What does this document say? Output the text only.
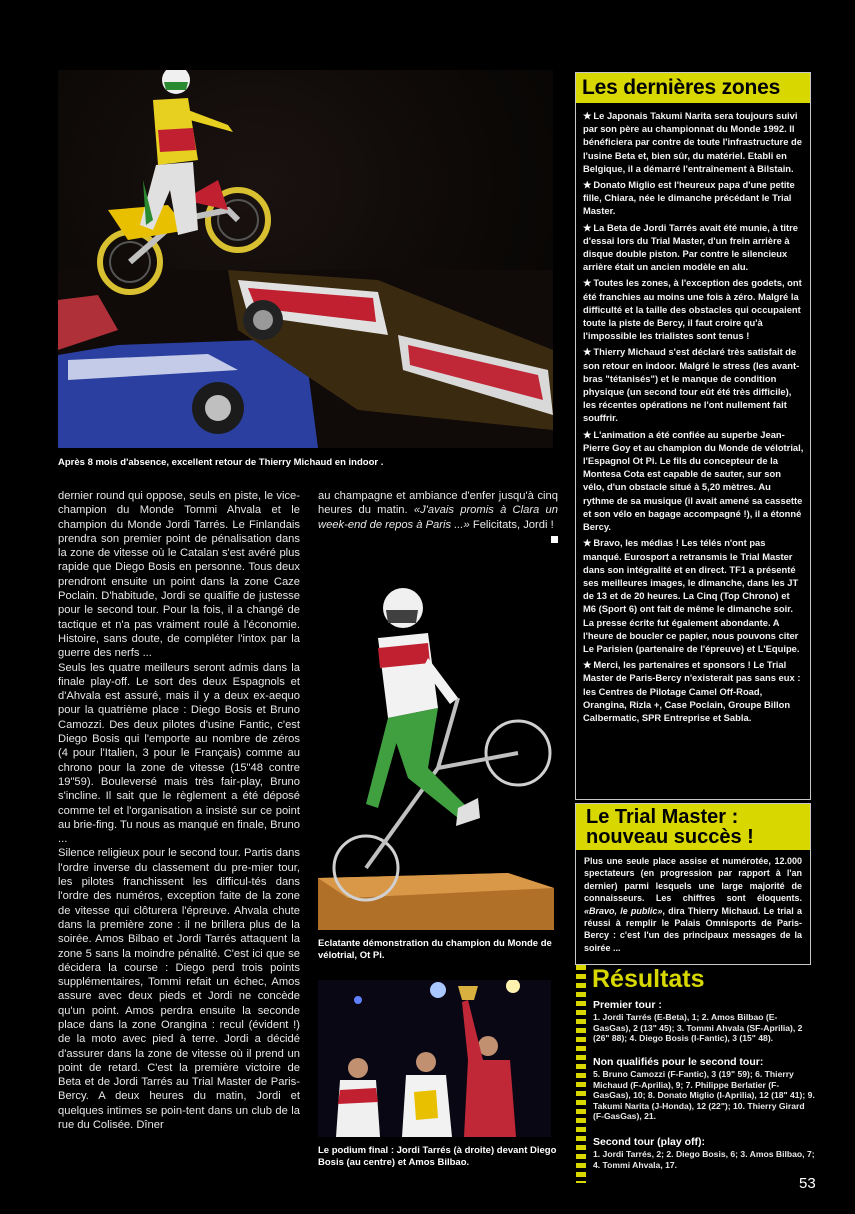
Après 8 mois d'absence, excellent retour de Thierry Michaud en indoor .

dernier round qui oppose, seuls en piste, le vice-champion du Monde Tommi Ahvala et le champion du Monde Jordi Tarrés. Le Finlandais prendra son premier point de pénalisation dans la zone de vitesse où le Catalan s'est avéré plus rapide que Diego Bosis en personne. Tous deux prendront ensuite un point dans la zone Caze Poclain. D'habitude, Jordi se qualifie de justesse pour le second tour. Pour la fois, il a changé de tactique et n'a pas vraiment roulé à l'économie. Histoire, sans doute, de compléter l'intox par la guerre des nerfs ...

Seuls les quatre meilleurs seront admis dans la finale play-off. Le sort des deux Espagnols et d'Ahvala est assuré, mais il y a deux ex-aequo pour la quatrième place : Diego Bosis et Bruno Camozzi. Des deux pilotes d'usine Fantic, c'est Diego Bosis qui l'emporte au nombre de zéros (4 pour l'Italien, 3 pour le Français) comme au chrono pour la zone de vitesse (15"48 contre 19"59). Bouleversé mais très fair-play, Bruno s'incline. Il sait que le règlement a été déposé comme tel et l'organisation a insisté sur ce point au brie-fing. Tu nous as manqué en finale, Bruno ...

Silence religieux pour le second tour. Partis dans l'ordre inverse du classement du pre-mier tour, les pilotes franchissent les difficul-tés dans l'ordre des numéros, exception faite de la zone de vitesse qui clôturera l'épreuve. Ahvala chute dans la première zone : il ne brillera plus de la soirée. Amos Bilbao et Jordi Tarrés attaquent la zone 5 sans la moindre pénalité. C'est ici que se décidera la course : Diego perd trois points supplémentaires, Tommi refait un échec, Amos assure avec deux pieds et Jordi ne concède qu'un point. Amos perdra ensuite la seconde place dans la zone Orangina : recul (évident !) de la moto avec pied à terre. Jordi a décidé d'assurer dans la zone de vitesse où il prend un point de retard. C'est la première victoire de Beta et de Jordi Tarrés au Trial Master de Paris-Bercy. A deux heures du matin, Jordi et quelques intimes se poin-tent dans un club de la rue du Colisée. Dîner

au champagne et ambiance d'enfer jusqu'à cinq heures du matin. «J'avais promis à Clara un week-end de repos à Paris ...» Felicitats, Jordi !

Eclatante démonstration du champion du Monde de vélotrial, Ot Pi.
Le podium final : Jordi Tarrés (à droite) devant Diego Bosis (au centre) et Amos Bilbao.
Les dernières zones
★ Le Japonais Takumi Narita sera toujours suivi par son père au championnat du Monde 1992. Il bénéficiera par contre de toute l'infrastructure de l'usine Beta et, bien sûr, du matériel. Etabli en Belgique, il a démarré l'entraînement à Bilstain.
★ Donato Miglio est l'heureux papa d'une petite fille, Chiara, née le dimanche précédant le Trial Master.
★ La Beta de Jordi Tarrés avait été munie, à titre d'essai lors du Trial Master, d'un frein arrière à disque double piston. Par contre le silencieux arrière était un ancien modèle en alu.
★ Toutes les zones, à l'exception des godets, ont été franchies au moins une fois à zéro. Malgré la difficulté et la taille des obstacles qui occupaient toute la piste de Bercy, il faut croire qu'à l'impossible les trialistes sont tenus !
★ Thierry Michaud s'est déclaré très satisfait de son retour en indoor. Malgré le stress (les avant-bras "tétanisés") et le manque de condition physique (un second tour eût été très difficile), les récentes opérations ne l'ont nullement fait souffrir.
★ L'animation a été confiée au superbe Jean-Pierre Goy et au champion du Monde de vélotrial, l'Espagnol Ot Pi. Le fils du concepteur de la Montesa Cota est capable de sauter, sur son vélo, d'un obstacle situé à 5,20 mètres. Au rythme de sa musique (il avait amené sa cassette et son vélo en bagage accompagné !), il a étonné Bercy.
★ Bravo, les médias ! Les télés n'ont pas manqué. Eurosport a retransmis le Trial Master dans son intégralité et en direct. TF1 a présenté ses meilleures images, le dimanche, dans les JT de 13 et de 20 heures. La Cinq (Top Chrono) et M6 (Sport 6) ont fait de même le dimanche soir. La presse écrite fut également abondante. A l'heure de boucler ce papier, nous pouvons citer Le Parisien (partenaire de l'épreuve) et L'Equipe.
★ Merci, les partenaires et sponsors ! Le Trial Master de Paris-Bercy n'existerait pas sans eux : les Centres de Pilotage Camel Off-Road, Orangina, Rizla +, Case Poclain, Groupe Billon Calbermatic, SPR Entreprise et Sabla.
Le Trial Master :
nouveau succès !
Plus une seule place assise et numérotée, 12.000 spectateurs (en progression par rapport à l'an dernier) parmi lesquels une large majorité de connaisseurs. Les chiffres sont éloquents. «Bravo, le public», dira Thierry Michaud. Le trial a réussi à remplir le Palais Omnisports de Paris-Bercy : c'est l'un des principaux messages de la soirée ...
Résultats
Premier tour :
1. Jordi Tarrés (E-Beta), 1; 2. Amos Bilbao (E-GasGas), 2 (13" 45); 3. Tommi Ahvala (SF-Aprilia), 2 (26" 88); 4. Diego Bosis (I-Fantic), 3 (15" 48).
Non qualifiés pour le second tour:
5. Bruno Camozzi (F-Fantic), 3 (19" 59); 6. Thierry Michaud (F-Aprilia), 9; 7. Philippe Berlatier (F-GasGas), 10; 8. Donato Miglio (I-Aprilia), 12 (18" 41); 9. Takumi Narita (J-Honda), 12 (22"); 10. Thierry Girard (F-GasGas), 21.
Second tour (play off):
1. Jordi Tarrés, 2; 2. Diego Bosis, 6; 3. Amos Bilbao, 7; 4. Tommi Ahvala, 17.
53
